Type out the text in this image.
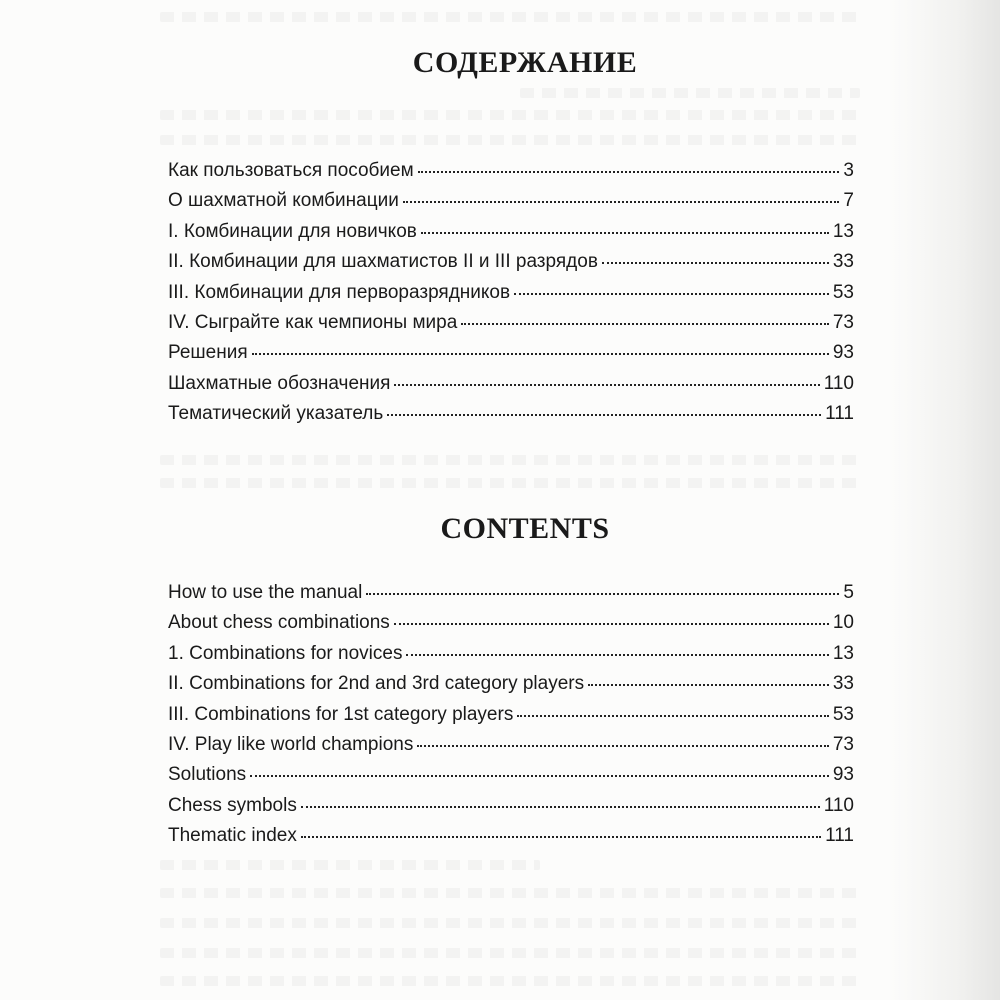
СОДЕРЖАНИЕ
Как пользоваться пособием	3
О шахматной комбинации	7
I. Комбинации для новичков	13
II. Комбинации для шахматистов II и III разрядов	33
III. Комбинации для перворазрядников	53
IV. Сыграйте как чемпионы мира	73
Решения	93
Шахматные обозначения	110
Тематический указатель	111
CONTENTS
How to use the manual	5
About chess combinations	10
1. Combinations for novices	13
II. Combinations for 2nd and 3rd category players	33
III. Combinations for 1st category players	53
IV. Play like world champions	73
Solutions	93
Chess symbols	110
Thematic index	111
